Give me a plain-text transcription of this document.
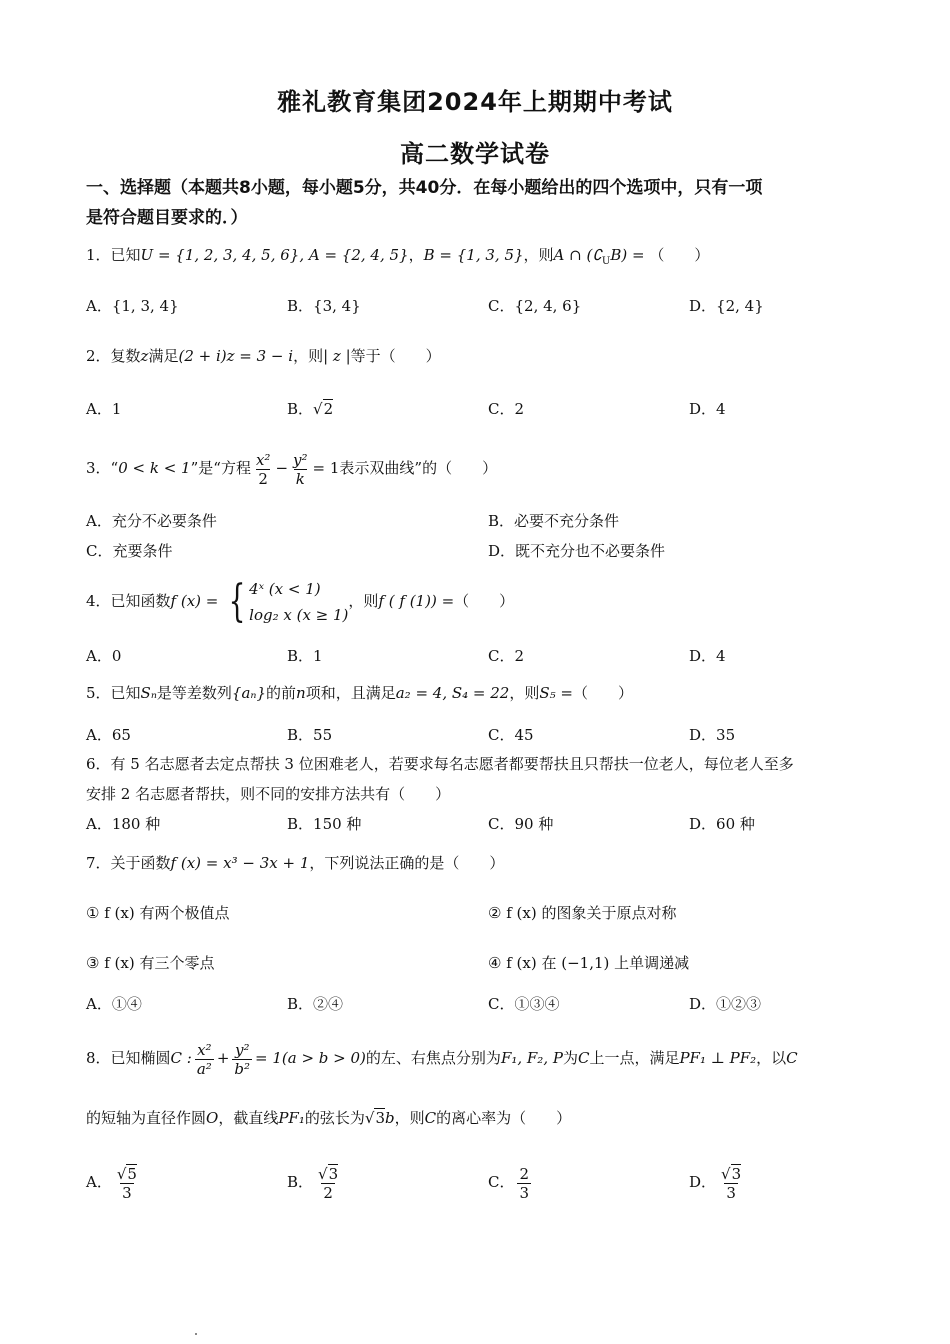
雅礼教育集团2024年上期期中考试
高二数学试卷
一、选择题（本题共8小题，每小题5分，共40分．在每小题给出的四个选项中，只有一项
是符合题目要求的．）
1．已知U = {1, 2, 3, 4, 5, 6}, A = {2, 4, 5}，B = {1, 3, 5}，则A ∩ $(∁_UB)$ = （　　）
A．{1, 3, 4}	B．{3, 4}	C．{2, 4, 6}	D．{2, 4}
2．复数z满足(2 + i)z = 3 − i，则| z |等于（　　）
A．1	B．√2	C．2	D．4
3．“0 < k < 1”是“方程 $\frac{\text{x²}}{2} - \frac{\text{y²}}{k} = 1$表示双曲线”的（　　）
A．充分不必要条件	B．必要不充分条件
C．充要条件	D．既不充分也不必要条件
4．已知函数f (x) = { 4ˣ (x < 1)
log₂ x (x ≥ 1)
，则f ( f (1)) =（　　）
A．0	B．1	C．2	D．4
5．已知Sₙ是等差数列{aₙ}的前n项和，且满足a₂ = 4, S₄ = 22，则S₅ =（　　）
A．65	B．55	C．45	D．35
6．有 5 名志愿者去定点帮扶 3 位困难老人，若要求每名志愿者都要帮扶且只帮扶一位老人，每位老人至多
安排 2 名志愿者帮扶，则不同的安排方法共有（　　）
A．180 种	B．150 种	C．90 种	D．60 种
7．关于函数f (x) = x³ − 3x + 1，下列说法正确的是（　　）
① f (x) 有两个极值点	② f (x) 的图象关于原点对称
③ f (x) 有三个零点	④ f (x) 在 (−1,1) 上单调递减
A．①④	B．②④	C．①③④	D．①②③
8．已知椭圆C : $\frac{\text{x²}}{\text{a²}} + \frac{\text{y²}}{\text{b²}} = 1(a > b > 0)$的左、右焦点分别为F₁, F₂, P为C上一点，满足PF₁ ⊥ PF₂，以C
的短轴为直径作圆O，截直线PF₁的弦长为√3b，则C的离心率为（　　）
A． $\frac{√5}{3}$	B． $\frac{√3}{2}$	C． $\frac{2}{3}$	D． $\frac{√3}{3}$
